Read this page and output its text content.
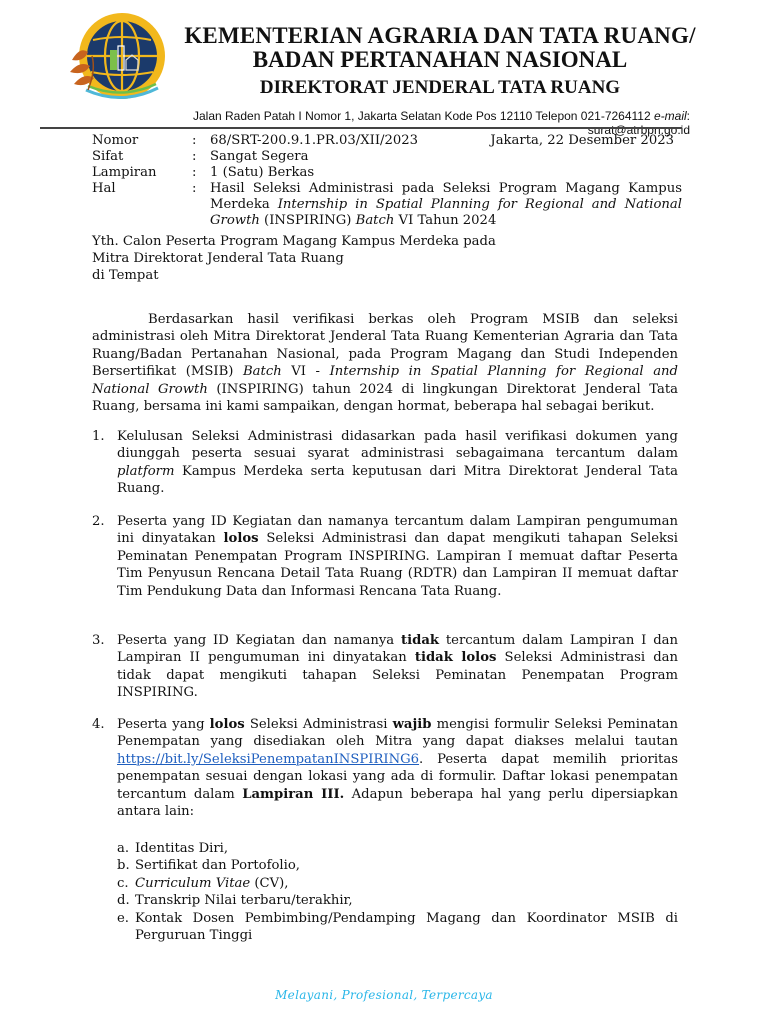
KEMENTERIAN AGRARIA DAN TATA RUANG/
BADAN PERTANAHAN NASIONAL
DIREKTORAT JENDERAL TATA RUANG
Jalan Raden Patah I Nomor 1, Jakarta Selatan Kode Pos 12110 Telepon 021-7264112 e-mail: surat@atrbpn.go.id
Nomor	:	68/SRT-200.9.1.PR.03/XII/2023	Jakarta, 22 Desember 2023
Sifat	:	Sangat Segera
Lampiran	:	1 (Satu) Berkas
Hal	:	Hasil Seleksi Administrasi pada Seleksi Program Magang Kampus Merdeka Internship in Spatial Planning for Regional and National Growth (INSPIRING) Batch VI Tahun 2024
Yth. Calon Peserta Program Magang Kampus Merdeka pada
Mitra Direktorat Jenderal Tata Ruang
di Tempat
Berdasarkan hasil verifikasi berkas oleh Program MSIB dan seleksi administrasi oleh Mitra Direktorat Jenderal Tata Ruang Kementerian Agraria dan Tata Ruang/Badan Pertanahan Nasional, pada Program Magang dan Studi Independen Bersertifikat (MSIB) Batch VI - Internship in Spatial Planning for Regional and National Growth (INSPIRING) tahun 2024 di lingkungan Direktorat Jenderal Tata Ruang, bersama ini kami sampaikan, dengan hormat, beberapa hal sebagai berikut.
1. Kelulusan Seleksi Administrasi didasarkan pada hasil verifikasi dokumen yang diunggah peserta sesuai syarat administrasi sebagaimana tercantum dalam platform Kampus Merdeka serta keputusan dari Mitra Direktorat Jenderal Tata Ruang.
2. Peserta yang ID Kegiatan dan namanya tercantum dalam Lampiran pengumuman ini dinyatakan lolos Seleksi Administrasi dan dapat mengikuti tahapan Seleksi Peminatan Penempatan Program INSPIRING. Lampiran I memuat daftar Peserta Tim Penyusun Rencana Detail Tata Ruang (RDTR) dan Lampiran II memuat daftar Tim Pendukung Data dan Informasi Rencana Tata Ruang.
3. Peserta yang ID Kegiatan dan namanya tidak tercantum dalam Lampiran I dan Lampiran II pengumuman ini dinyatakan tidak lolos Seleksi Administrasi dan tidak dapat mengikuti tahapan Seleksi Peminatan Penempatan Program INSPIRING.
4. Peserta yang lolos Seleksi Administrasi wajib mengisi formulir Seleksi Peminatan Penempatan yang disediakan oleh Mitra yang dapat diakses melalui tautan https://bit.ly/SeleksiPenempatanINSPIRING6. Peserta dapat memilih prioritas penempatan sesuai dengan lokasi yang ada di formulir. Daftar lokasi penempatan tercantum dalam Lampiran III. Adapun beberapa hal yang perlu dipersiapkan antara lain:
a. Identitas Diri,
b. Sertifikat dan Portofolio,
c. Curriculum Vitae (CV),
d. Transkrip Nilai terbaru/terakhir,
e. Kontak Dosen Pembimbing/Pendamping Magang dan Koordinator MSIB di Perguruan Tinggi
Melayani, Profesional, Terpercaya
